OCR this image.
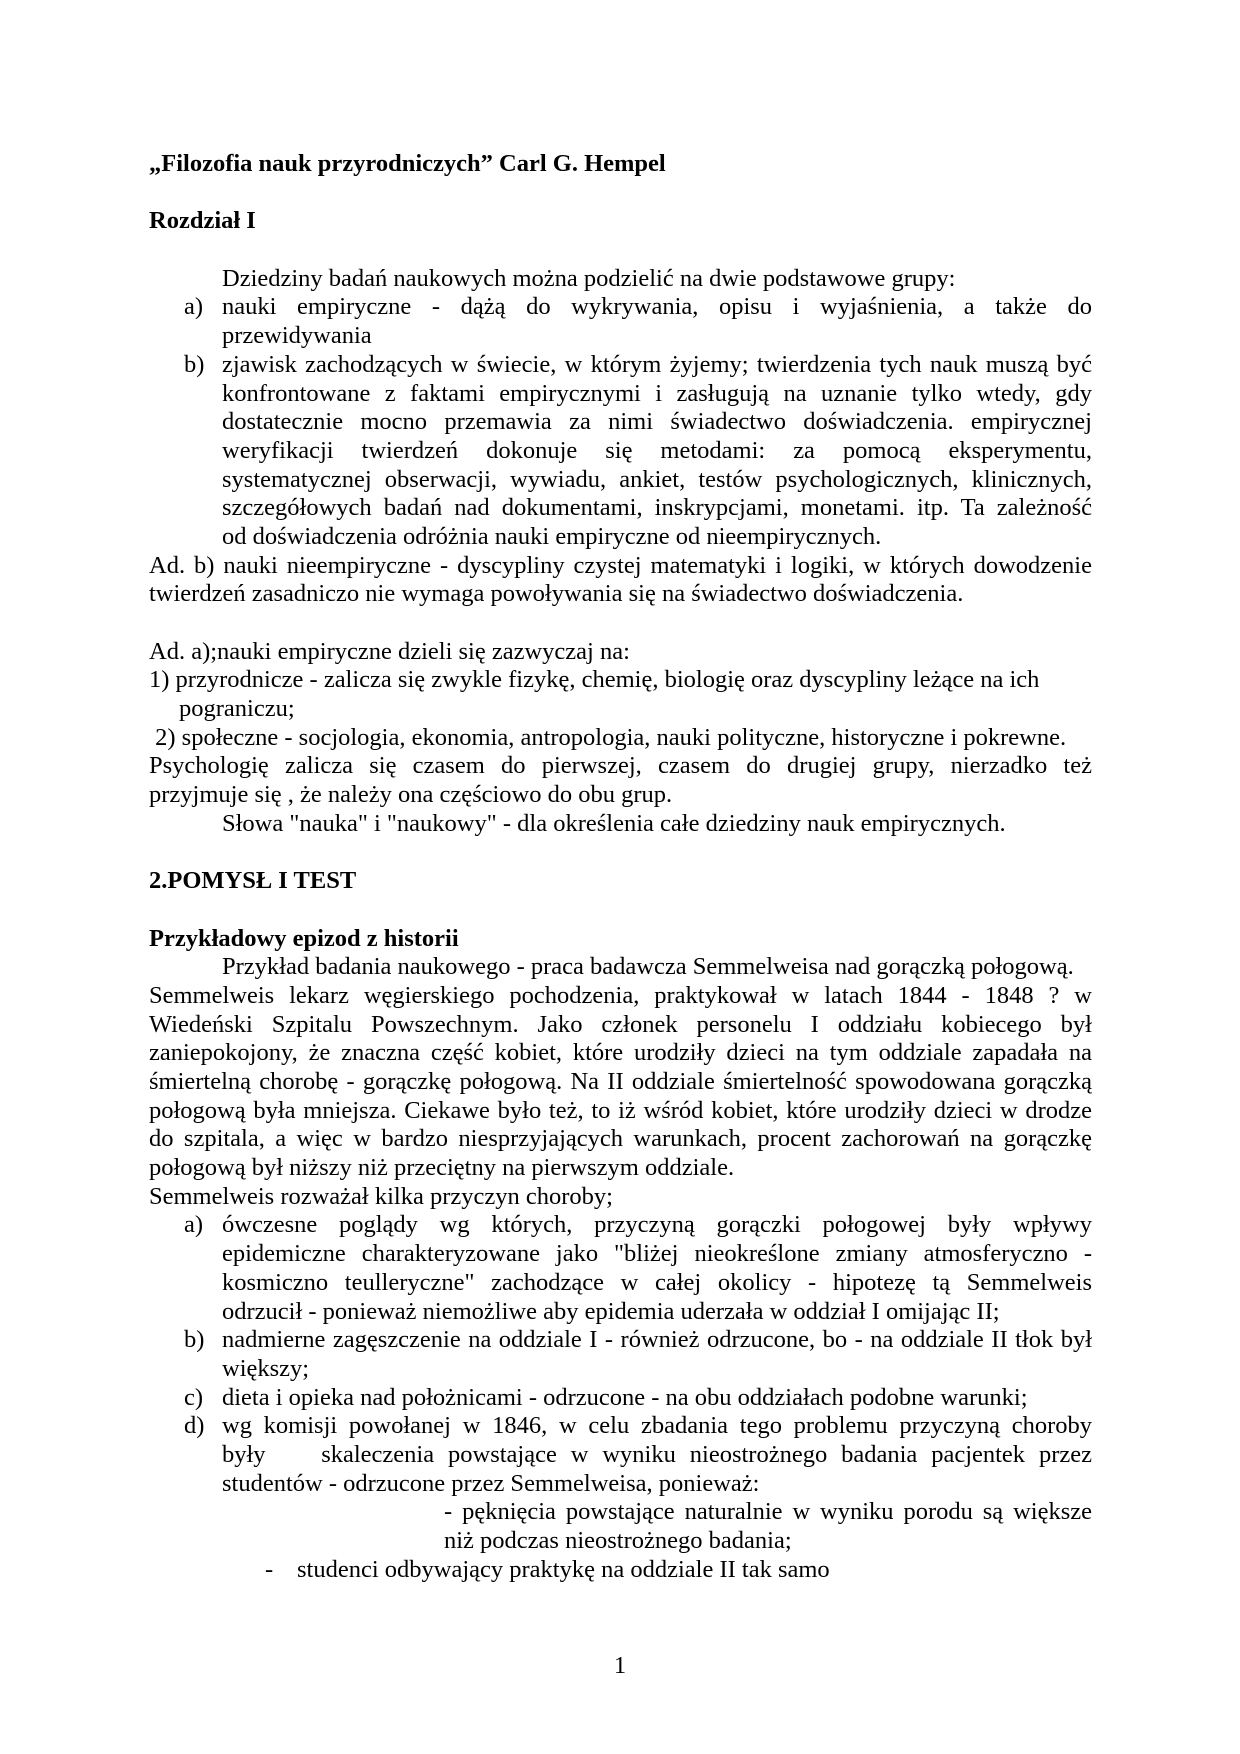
„Filozofia nauk przyrodniczych” Carl G. Hempel
Rozdział I
Dziedziny badań naukowych można podzielić na dwie podstawowe grupy:
a) nauki empiryczne - dążą do wykrywania, opisu i wyjaśnienia, a także do
przewidywania
b) zjawisk zachodzących w świecie, w którym żyjemy; twierdzenia tych nauk muszą być
konfrontowane z faktami empirycznymi i zasługują na uznanie tylko wtedy, gdy
dostatecznie mocno przemawia za nimi świadectwo doświadczenia. empirycznej
weryfikacji twierdzeń dokonuje się metodami: za pomocą eksperymentu,
systematycznej obserwacji, wywiadu, ankiet, testów psychologicznych, klinicznych,
szczegółowych badań nad dokumentami, inskrypcjami, monetami. itp. Ta zależność
od doświadczenia odróżnia nauki empiryczne od nieempirycznych.
Ad. b) nauki nieempiryczne - dyscypliny czystej matematyki i logiki, w których dowodzenie
twierdzeń zasadniczo nie wymaga powoływania się na świadectwo doświadczenia.
Ad. a);nauki empiryczne dzieli się zazwyczaj na:
1) przyrodnicze - zalicza się zwykle fizykę, chemię, biologię oraz dyscypliny leżące na ich
pograniczu;
2) społeczne - socjologia, ekonomia, antropologia, nauki polityczne, historyczne i pokrewne.
Psychologię zalicza się czasem do pierwszej, czasem do drugiej grupy, nierzadko też
przyjmuje się , że należy ona częściowo do obu grup.
Słowa "nauka" i "naukowy" - dla określenia całe dziedziny nauk empirycznych.
2.POMYSŁ I TEST
Przykładowy epizod z historii
Przykład badania naukowego - praca badawcza Semmelweisa nad gorączką połogową.
Semmelweis lekarz węgierskiego pochodzenia, praktykował w latach 1844 - 1848 ? w
Wiedeński Szpitalu Powszechnym. Jako członek personelu I oddziału kobiecego był
zaniepokojony, że znaczna część kobiet, które urodziły dzieci na tym oddziale zapadała na
śmiertelną chorobę - gorączkę połogową. Na II oddziale śmiertelność spowodowana gorączką
połogową była mniejsza. Ciekawe było też, to iż wśród kobiet, które urodziły dzieci w drodze
do szpitala, a więc w bardzo niesprzyjających warunkach, procent zachorowań na gorączkę
połogową był niższy niż przeciętny na pierwszym oddziale.
Semmelweis rozważał kilka przyczyn choroby;
a) ówczesne poglądy wg których, przyczyną gorączki połogowej były wpływy
epidemiczne charakteryzowane jako "bliżej nieokreślone zmiany atmosferyczno -
kosmiczno teulleryczne" zachodzące w całej okolicy - hipotezę tą Semmelweis
odrzucił - ponieważ niemożliwe aby epidemia uderzała w oddział I omijając II;
b) nadmierne zagęszczenie na oddziale I - również odrzucone, bo - na oddziale II tłok był
większy;
c) dieta i opieka nad położnicami - odrzucone - na obu oddziałach podobne warunki;
d) wg komisji powołanej w 1846, w celu zbadania tego problemu przyczyną choroby
były    skaleczenia powstające w wyniku nieostrożnego badania pacjentek przez
studentów - odrzucone przez Semmelweisa, ponieważ:
- pęknięcia powstające naturalnie w wyniku porodu są większe
niż podczas nieostrożnego badania;
- studenci odbywający praktykę na oddziale II tak samo
1
